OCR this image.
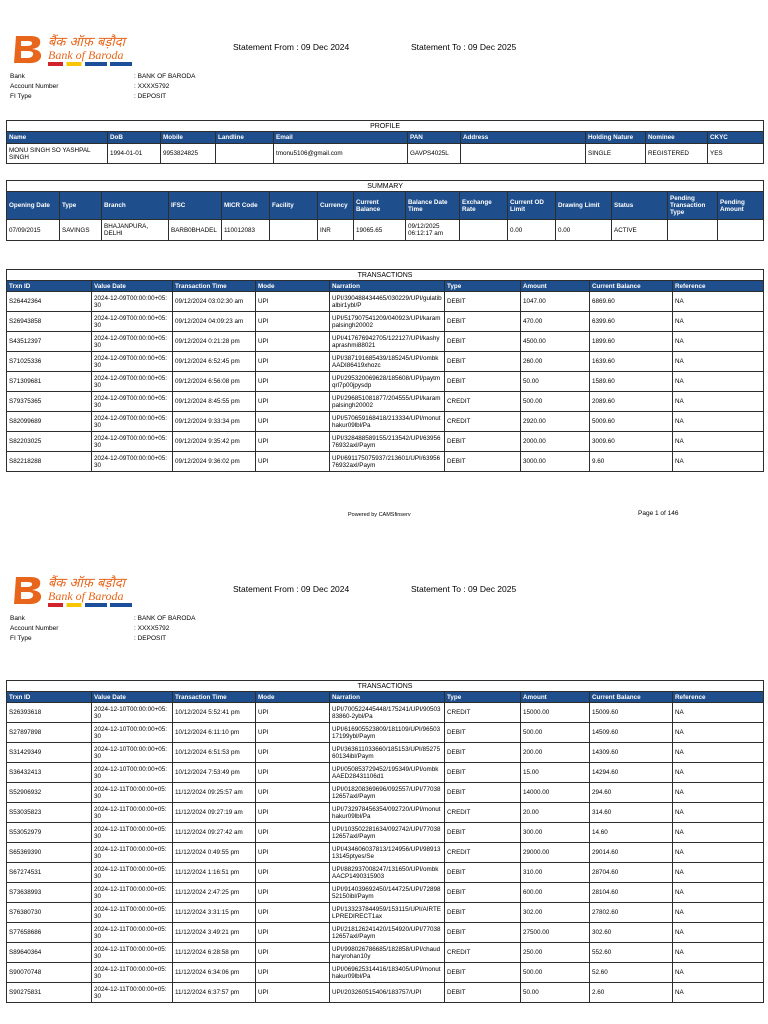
बैंक ऑफ़ बड़ौदा
Bank of Baroda
Statement From : 09 Dec 2024	Statement To : 09 Dec 2025
Bank	: BANK OF BARODA
Account Number	: XXXX5792
FI Type	: DEPOSIT
PROFILE									
Name	DoB	Mobile	Landline	Email	PAN	Address	Holding Nature	Nominee	CKYC
MONU SINGH SO YASHPAL SINGH	1994-01-01	9953824825		tmonu5106@gmail.com	GAVPS4025L		SINGLE	REGISTERED	YES
SUMMARY														
Opening Date	Type	Branch	IFSC	MICR Code	Facility	Currency	Current Balance	Balance Date Time	Exchange Rate	Current OD Limit	Drawing Limit	Status	Pending Transaction Type	Pending Amount
07/09/2015	SAVINGS	BHAJANPURA, DELHI	BARB0BHADEL	110012083		INR	19065.65	09/12/2025 06:12:17 am		0.00	0.00	ACTIVE		
TRANSACTIONS								
Trxn ID	Value Date	Transaction Time	Mode	Narration	Type	Amount	Current Balance	Reference
S26442364	2024-12-09T00:00:00+05:30	09/12/2024 03:02:30 am	UPI	UPI/390488434465/030229/UPI/gulatibalbir1ybl/P	DEBIT	1047.00	6869.60	NA
S26943858	2024-12-09T00:00:00+05:30	09/12/2024 04:09:23 am	UPI	UPI/517907541209/040923/UPI/karampalsingh20002	DEBIT	470.00	6399.60	NA
S43512397	2024-12-09T00:00:00+05:30	09/12/2024 0:21:28 pm	UPI	UPI/417676942705/122127/UPI/kashyaprashmi88021	DEBIT	4500.00	1899.60	NA
S71025336	2024-12-09T00:00:00+05:30	09/12/2024 6:52:45 pm	UPI	UPI/387191685439/185245/UPI/ombkAADI86419xhozc	DEBIT	260.00	1639.60	NA
S71309681	2024-12-09T00:00:00+05:30	09/12/2024 6:56:08 pm	UPI	UPI/295320069628/185608/UPI/paytmqrl7p00jpysdp	DEBIT	50.00	1589.60	NA
S79375365	2024-12-09T00:00:00+05:30	09/12/2024 8:45:55 pm	UPI	UPI/296851081877/204555/UPI/karampalsingh20002	CREDIT	500.00	2089.60	NA
S82099689	2024-12-09T00:00:00+05:30	09/12/2024 9:33:34 pm	UPI	UPI/570659168418/213334/UPI/monuthakur09lbl/Pa	CREDIT	2920.00	5009.60	NA
S82203025	2024-12-09T00:00:00+05:30	09/12/2024 9:35:42 pm	UPI	UPI/328488589155/213542/UPI/6395676932axl/Paym	DEBIT	2000.00	3009.60	NA
S82218288	2024-12-09T00:00:00+05:30	09/12/2024 9:36:02 pm	UPI	UPI/691175075937/213601/UPI/6395676932axl/Paym	DEBIT	3000.00	9.60	NA
Powered by CAMSfinserv	Page 1 of 146
बैंक ऑफ़ बड़ौदा
Bank of Baroda	Statement From : 09 Dec 2024	Statement To : 09 Dec 2025
Bank	: BANK OF BARODA
Account Number	: XXXX5792
FI Type	: DEPOSIT
TRANSACTIONS								
Trxn ID	Value Date	Transaction Time	Mode	Narration	Type	Amount	Current Balance	Reference
S26393618	2024-12-10T00:00:00+05:30	10/12/2024 5:52:41 pm	UPI	UPI/700522445448/175241/UPI/9050383860-2ybl/Pa	CREDIT	15000.00	15009.60	NA
S27897898	2024-12-10T00:00:00+05:30	10/12/2024 6:11:10 pm	UPI	UPI/616905523809/181109/UPI/9650317199ybl/Paym	DEBIT	500.00	14509.60	NA
S31429349	2024-12-10T00:00:00+05:30	10/12/2024 6:51:53 pm	UPI	UPI/363611033660/185153/UPI/8527560134ibl/Paym	DEBIT	200.00	14309.60	NA
S36432413	2024-12-10T00:00:00+05:30	10/12/2024 7:53:49 pm	UPI	UPI/050853729452/195349/UPI/ombkAAED28431106d1	DEBIT	15.00	14294.60	NA
S52906932	2024-12-11T00:00:00+05:30	11/12/2024 09:25:57 am	UPI	UPI/018208369696/092557/UPI/7703812657axl/Paym	DEBIT	14000.00	294.60	NA
S53035823	2024-12-11T00:00:00+05:30	11/12/2024 09:27:19 am	UPI	UPI/732978456354/092720/UPI/monuthakur09lbl/Pa	CREDIT	20.00	314.60	NA
S53052979	2024-12-11T00:00:00+05:30	11/12/2024 09:27:42 am	UPI	UPI/103502281634/092742/UPI/7703812657axl/Paym	DEBIT	300.00	14.60	NA
S65369390	2024-12-11T00:00:00+05:30	11/12/2024 0:49:55 pm	UPI	UPI/434606037813/124956/UPI/9891313145ptyes/Se	CREDIT	29000.00	29014.60	NA
S67274531	2024-12-11T00:00:00+05:30	11/12/2024 1:16:51 pm	UPI	UPI/882937008247/131650/UPI/ombkAACP1490315903	DEBIT	310.00	28704.60	NA
S73638993	2024-12-11T00:00:00+05:30	11/12/2024 2:47:25 pm	UPI	UPI/914039692450/144725/UPI/7289852150ibl/Paym	DEBIT	600.00	28104.60	NA
S76380730	2024-12-11T00:00:00+05:30	11/12/2024 3:31:15 pm	UPI	UPI/133237844959/153115/UPI/AIRTELPREDIRECT1ax	DEBIT	302.00	27802.60	NA
S77658686	2024-12-11T00:00:00+05:30	11/12/2024 3:49:21 pm	UPI	UPI/218126241420/154920/UPI/7703812657axl/Paym	DEBIT	27500.00	302.60	NA
S89640364	2024-12-11T00:00:00+05:30	11/12/2024 6:28:58 pm	UPI	UPI/998026786685/182858/UPI/chaudharyrohan10y	CREDIT	250.00	552.60	NA
S90070748	2024-12-11T00:00:00+05:30	11/12/2024 6:34:06 pm	UPI	UPI/069625314416/183405/UPI/monuthakur09lbl/Pa	DEBIT	500.00	52.60	NA
S90275831	2024-12-11T00:00:00+05:30	11/12/2024 6:37:57 pm	UPI	UPI/203260515406/183757/UPI	DEBIT	50.00	2.60	NA
